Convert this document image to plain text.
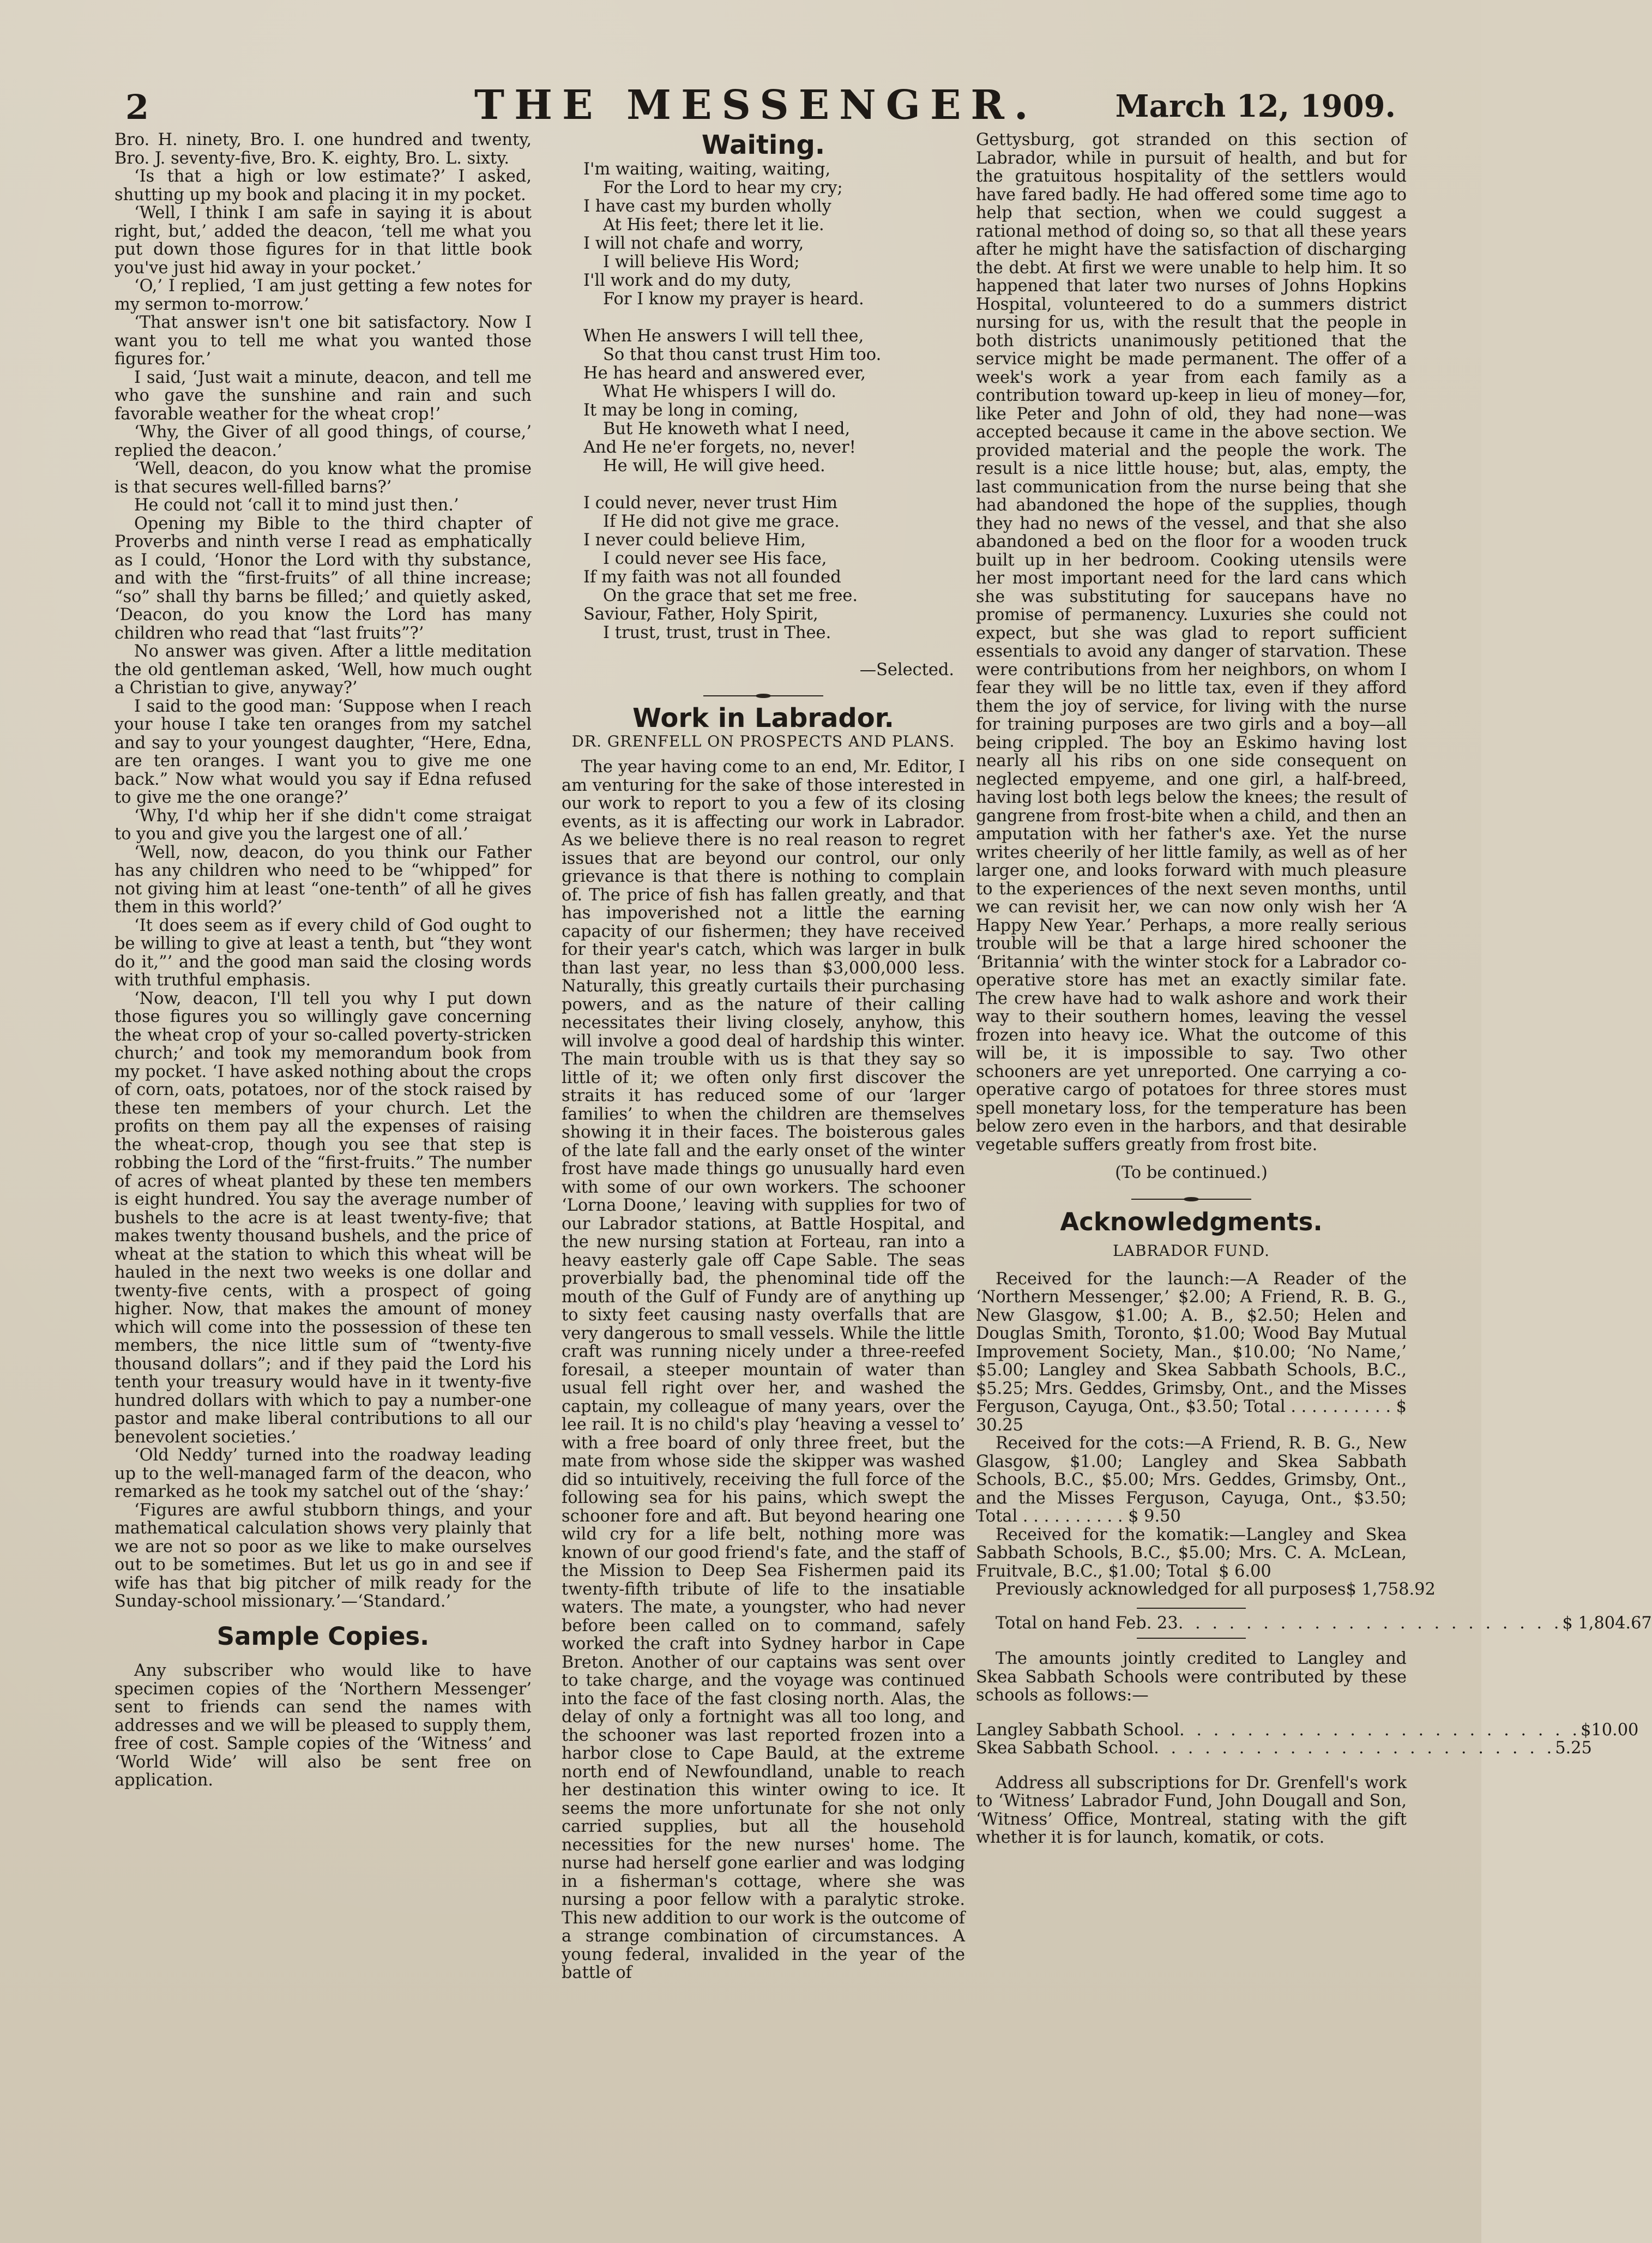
2	THE MESSENGER.	March 12, 1909.

Bro. H. ninety, Bro. I. one hundred and twenty, Bro. J. seventy-five, Bro. K. eighty, Bro. L. sixty.

‘Is that a high or low estimate?’ I asked, shutting up my book and placing it in my pocket.

‘Well, I think I am safe in saying it is about right, but,’ added the deacon, ‘tell me what you put down those figures for in that little book you've just hid away in your pocket.’

‘O,’ I replied, ‘I am just getting a few notes for my sermon to-morrow.’

‘That answer isn't one bit satisfactory. Now I want you to tell me what you wanted those figures for.’

I said, ‘Just wait a minute, deacon, and tell me who gave the sunshine and rain and such favorable weather for the wheat crop!’

‘Why, the Giver of all good things, of course,’ replied the deacon.’

‘Well, deacon, do you know what the promise is that secures well-filled barns?’

He could not ‘call it to mind just then.’

Opening my Bible to the third chapter of Proverbs and ninth verse I read as emphatically as I could, ‘Honor the Lord with thy substance, and with the “first-fruits” of all thine increase; “so” shall thy barns be filled;’ and quietly asked, ‘Deacon, do you know the Lord has many children who read that “last fruits”?’

No answer was given. After a little meditation the old gentleman asked, ‘Well, how much ought a Christian to give, anyway?’

I said to the good man: ‘Suppose when I reach your house I take ten oranges from my satchel and say to your youngest daughter, “Here, Edna, are ten oranges. I want you to give me one back.” Now what would you say if Edna refused to give me the one orange?’

‘Why, I'd whip her if she didn't come straigat to you and give you the largest one of all.’

‘Well, now, deacon, do you think our Father has any children who need to be “whipped” for not giving him at least “one-tenth” of all he gives them in this world?’

‘It does seem as if every child of God ought to be willing to give at least a tenth, but “they wont do it,”’ and the good man said the closing words with truthful emphasis.

‘Now, deacon, I'll tell you why I put down those figures you so willingly gave concerning the wheat crop of your so-called poverty-stricken church;’ and took my memorandum book from my pocket. ‘I have asked nothing about the crops of corn, oats, potatoes, nor of the stock raised by these ten members of your church. Let the profits on them pay all the expenses of raising the wheat-crop, though you see that step is robbing the Lord of the “first-fruits.” The number of acres of wheat planted by these ten members is eight hundred. You say the average number of bushels to the acre is at least twenty-five; that makes twenty thousand bushels, and the price of wheat at the station to which this wheat will be hauled in the next two weeks is one dollar and twenty-five cents, with a prospect of going higher. Now, that makes the amount of money which will come into the possession of these ten members, the nice little sum of “twenty-five thousand dollars”; and if they paid the Lord his tenth your treasury would have in it twenty-five hundred dollars with which to pay a number-one pastor and make liberal contributions to all our benevolent societies.’

‘Old Neddy’ turned into the roadway leading up to the well-managed farm of the deacon, who remarked as he took my satchel out of the ‘shay:’

‘Figures are awful stubborn things, and your mathematical calculation shows very plainly that we are not so poor as we like to make ourselves out to be sometimes. But let us go in and see if wife has that big pitcher of milk ready for the Sunday-school missionary.’—‘Standard.’

Sample Copies.

Any subscriber who would like to have specimen copies of the ‘Northern Messenger’ sent to friends can send the names with addresses and we will be pleased to supply them, free of cost. Sample copies of the ‘Witness’ and ‘World Wide’ will also be sent free on application.

Waiting.
I'm waiting, waiting, waiting,
For the Lord to hear my cry;
I have cast my burden wholly
At His feet; there let it lie.
I will not chafe and worry,
I will believe His Word;
I'll work and do my duty,
For I know my prayer is heard.
When He answers I will tell thee,
So that thou canst trust Him too.
He has heard and answered ever,
What He whispers I will do.
It may be long in coming,
But He knoweth what I need,
And He ne'er forgets, no, never!
He will, He will give heed.
I could never, never trust Him
If He did not give me grace.
I never could believe Him,
I could never see His face,
If my faith was not all founded
On the grace that set me free.
Saviour, Father, Holy Spirit,
I trust, trust, trust in Thee.
—Selected.
Work in Labrador.
DR. GRENFELL ON PROSPECTS AND PLANS.

The year having come to an end, Mr. Editor, I am venturing for the sake of those interested in our work to report to you a few of its closing events, as it is affecting our work in Labrador. As we believe there is no real reason to regret issues that are beyond our control, our only grievance is that there is nothing to complain of. The price of fish has fallen greatly, and that has impoverished not a little the earning capacity of our fishermen; they have received for their year's catch, which was larger in bulk than last year, no less than $3,000,000 less. Naturally, this greatly curtails their purchasing powers, and as the nature of their calling necessitates their living closely, anyhow, this will involve a good deal of hardship this winter. The main trouble with us is that they say so little of it; we often only first discover the straits it has reduced some of our ‘larger families’ to when the children are themselves showing it in their faces. The boisterous gales of the late fall and the early onset of the winter frost have made things go unusually hard even with some of our own workers. The schooner ‘Lorna Doone,’ leaving with supplies for two of our Labrador stations, at Battle Hospital, and the new nursing station at Forteau, ran into a heavy easterly gale off Cape Sable. The seas proverbially bad, the phenominal tide off the mouth of the Gulf of Fundy are of anything up to sixty feet causing nasty overfalls that are very dangerous to small vessels. While the little craft was running nicely under a three-reefed foresail, a steeper mountain of water than usual fell right over her, and washed the captain, my colleague of many years, over the lee rail. It is no child's play ‘heaving a vessel to’ with a free board of only three freet, but the mate from whose side the skipper was washed did so intuitively, receiving the full force of the following sea for his pains, which swept the schooner fore and aft. But beyond hearing one wild cry for a life belt, nothing more was known of our good friend's fate, and the staff of the Mission to Deep Sea Fishermen paid its twenty-fifth tribute of life to the insatiable waters. The mate, a youngster, who had never before been called on to command, safely worked the craft into Sydney harbor in Cape Breton. Another of our captains was sent over to take charge, and the voyage was continued into the face of the fast closing north. Alas, the delay of only a fortnight was all too long, and the schooner was last reported frozen into a harbor close to Cape Bauld, at the extreme north end of Newfoundland, unable to reach her destination this winter owing to ice. It seems the more unfortunate for she not only carried supplies, but all the household necessities for the new nurses' home. The nurse had herself gone earlier and was lodging in a fisherman's cottage, where she was nursing a poor fellow with a paralytic stroke. This new addition to our work is the outcome of a strange combination of circumstances. A young federal, invalided in the year of the battle of

Gettysburg, got stranded on this section of Labrador, while in pursuit of health, and but for the gratuitous hospitality of the settlers would have fared badly. He had offered some time ago to help that section, when we could suggest a rational method of doing so, so that all these years after he might have the satisfaction of discharging the debt. At first we were unable to help him. It so happened that later two nurses of Johns Hopkins Hospital, volunteered to do a summers district nursing for us, with the result that the people in both districts unanimously petitioned that the service might be made permanent. The offer of a week's work a year from each family as a contribution toward up-keep in lieu of money—for, like Peter and John of old, they had none—was accepted because it came in the above section. We provided material and the people the work. The result is a nice little house; but, alas, empty, the last communication from the nurse being that she had abandoned the hope of the supplies, though they had no news of the vessel, and that she also abandoned a bed on the floor for a wooden truck built up in her bedroom. Cooking utensils were her most important need for the lard cans which she was substituting for saucepans have no promise of permanency. Luxuries she could not expect, but she was glad to report sufficient essentials to avoid any danger of starvation. These were contributions from her neighbors, on whom I fear they will be no little tax, even if they afford them the joy of service, for living with the nurse for training purposes are two girls and a boy—all being crippled. The boy an Eskimo having lost nearly all his ribs on one side consequent on neglected empyeme, and one girl, a half-breed, having lost both legs below the knees; the result of gangrene from frost-bite when a child, and then an amputation with her father's axe. Yet the nurse writes cheerily of her little family, as well as of her larger one, and looks forward with much pleasure to the experiences of the next seven months, until we can revisit her, we can now only wish her ‘A Happy New Year.’ Perhaps, a more really serious trouble will be that a large hired schooner the ‘Britannia’ with the winter stock for a Labrador co-operative store has met an exactly similar fate. The crew have had to walk ashore and work their way to their southern homes, leaving the vessel frozen into heavy ice. What the outcome of this will be, it is impossible to say. Two other schooners are yet unreported. One carrying a co-operative cargo of potatoes for three stores must spell monetary loss, for the temperature has been below zero even in the harbors, and that desirable vegetable suffers greatly from frost bite.

(To be continued.)
Acknowledgments.
LABRADOR FUND.

Received for the launch:—A Reader of the ‘Northern Messenger,’ $2.00; A Friend, R. B. G., New Glasgow, $1.00; A. B., $2.50; Helen and Douglas Smith, Toronto, $1.00; Wood Bay Mutual Improvement Society, Man., $10.00; ‘No Name,’ $5.00; Langley and Skea Sabbath Schools, B.C., $5.25; Mrs. Geddes, Grimsby, Ont., and the Misses Ferguson, Cayuga, Ont., $3.50; Total . . . . . . . . . . $ 30.25

Received for the cots:—A Friend, R. B. G., New Glasgow, $1.00; Langley and Skea Sabbath Schools, B.C., $5.00; Mrs. Geddes, Grimsby, Ont., and the Misses Ferguson, Cayuga, Ont., $3.50; Total . . . . . . . . . . $ 9.50

Received for the komatik:—Langley and Skea Sabbath Schools, B.C., $5.00; Mrs. C. A. McLean, Fruitvale, B.C., $1.00; Total $ 6.00

Previously acknowledged for all purposes $ 1,758.92
Total on hand Feb. 23 . . . . . . . . . . . . . . . . . . . . . . . $ 1,804.67

The amounts jointly credited to Langley and Skea Sabbath Schools were contributed by these schools as follows:—

Langley Sabbath School . . . . . . . . . . . . . . . . . . . . . . . . $10.00
Skea Sabbath School . . . . . . . . . . . . . . . . . . . . . . . . 5.25

Address all subscriptions for Dr. Grenfell's work to ‘Witness’ Labrador Fund, John Dougall and Son, ‘Witness’ Office, Montreal, stating with the gift whether it is for launch, komatik, or cots.
